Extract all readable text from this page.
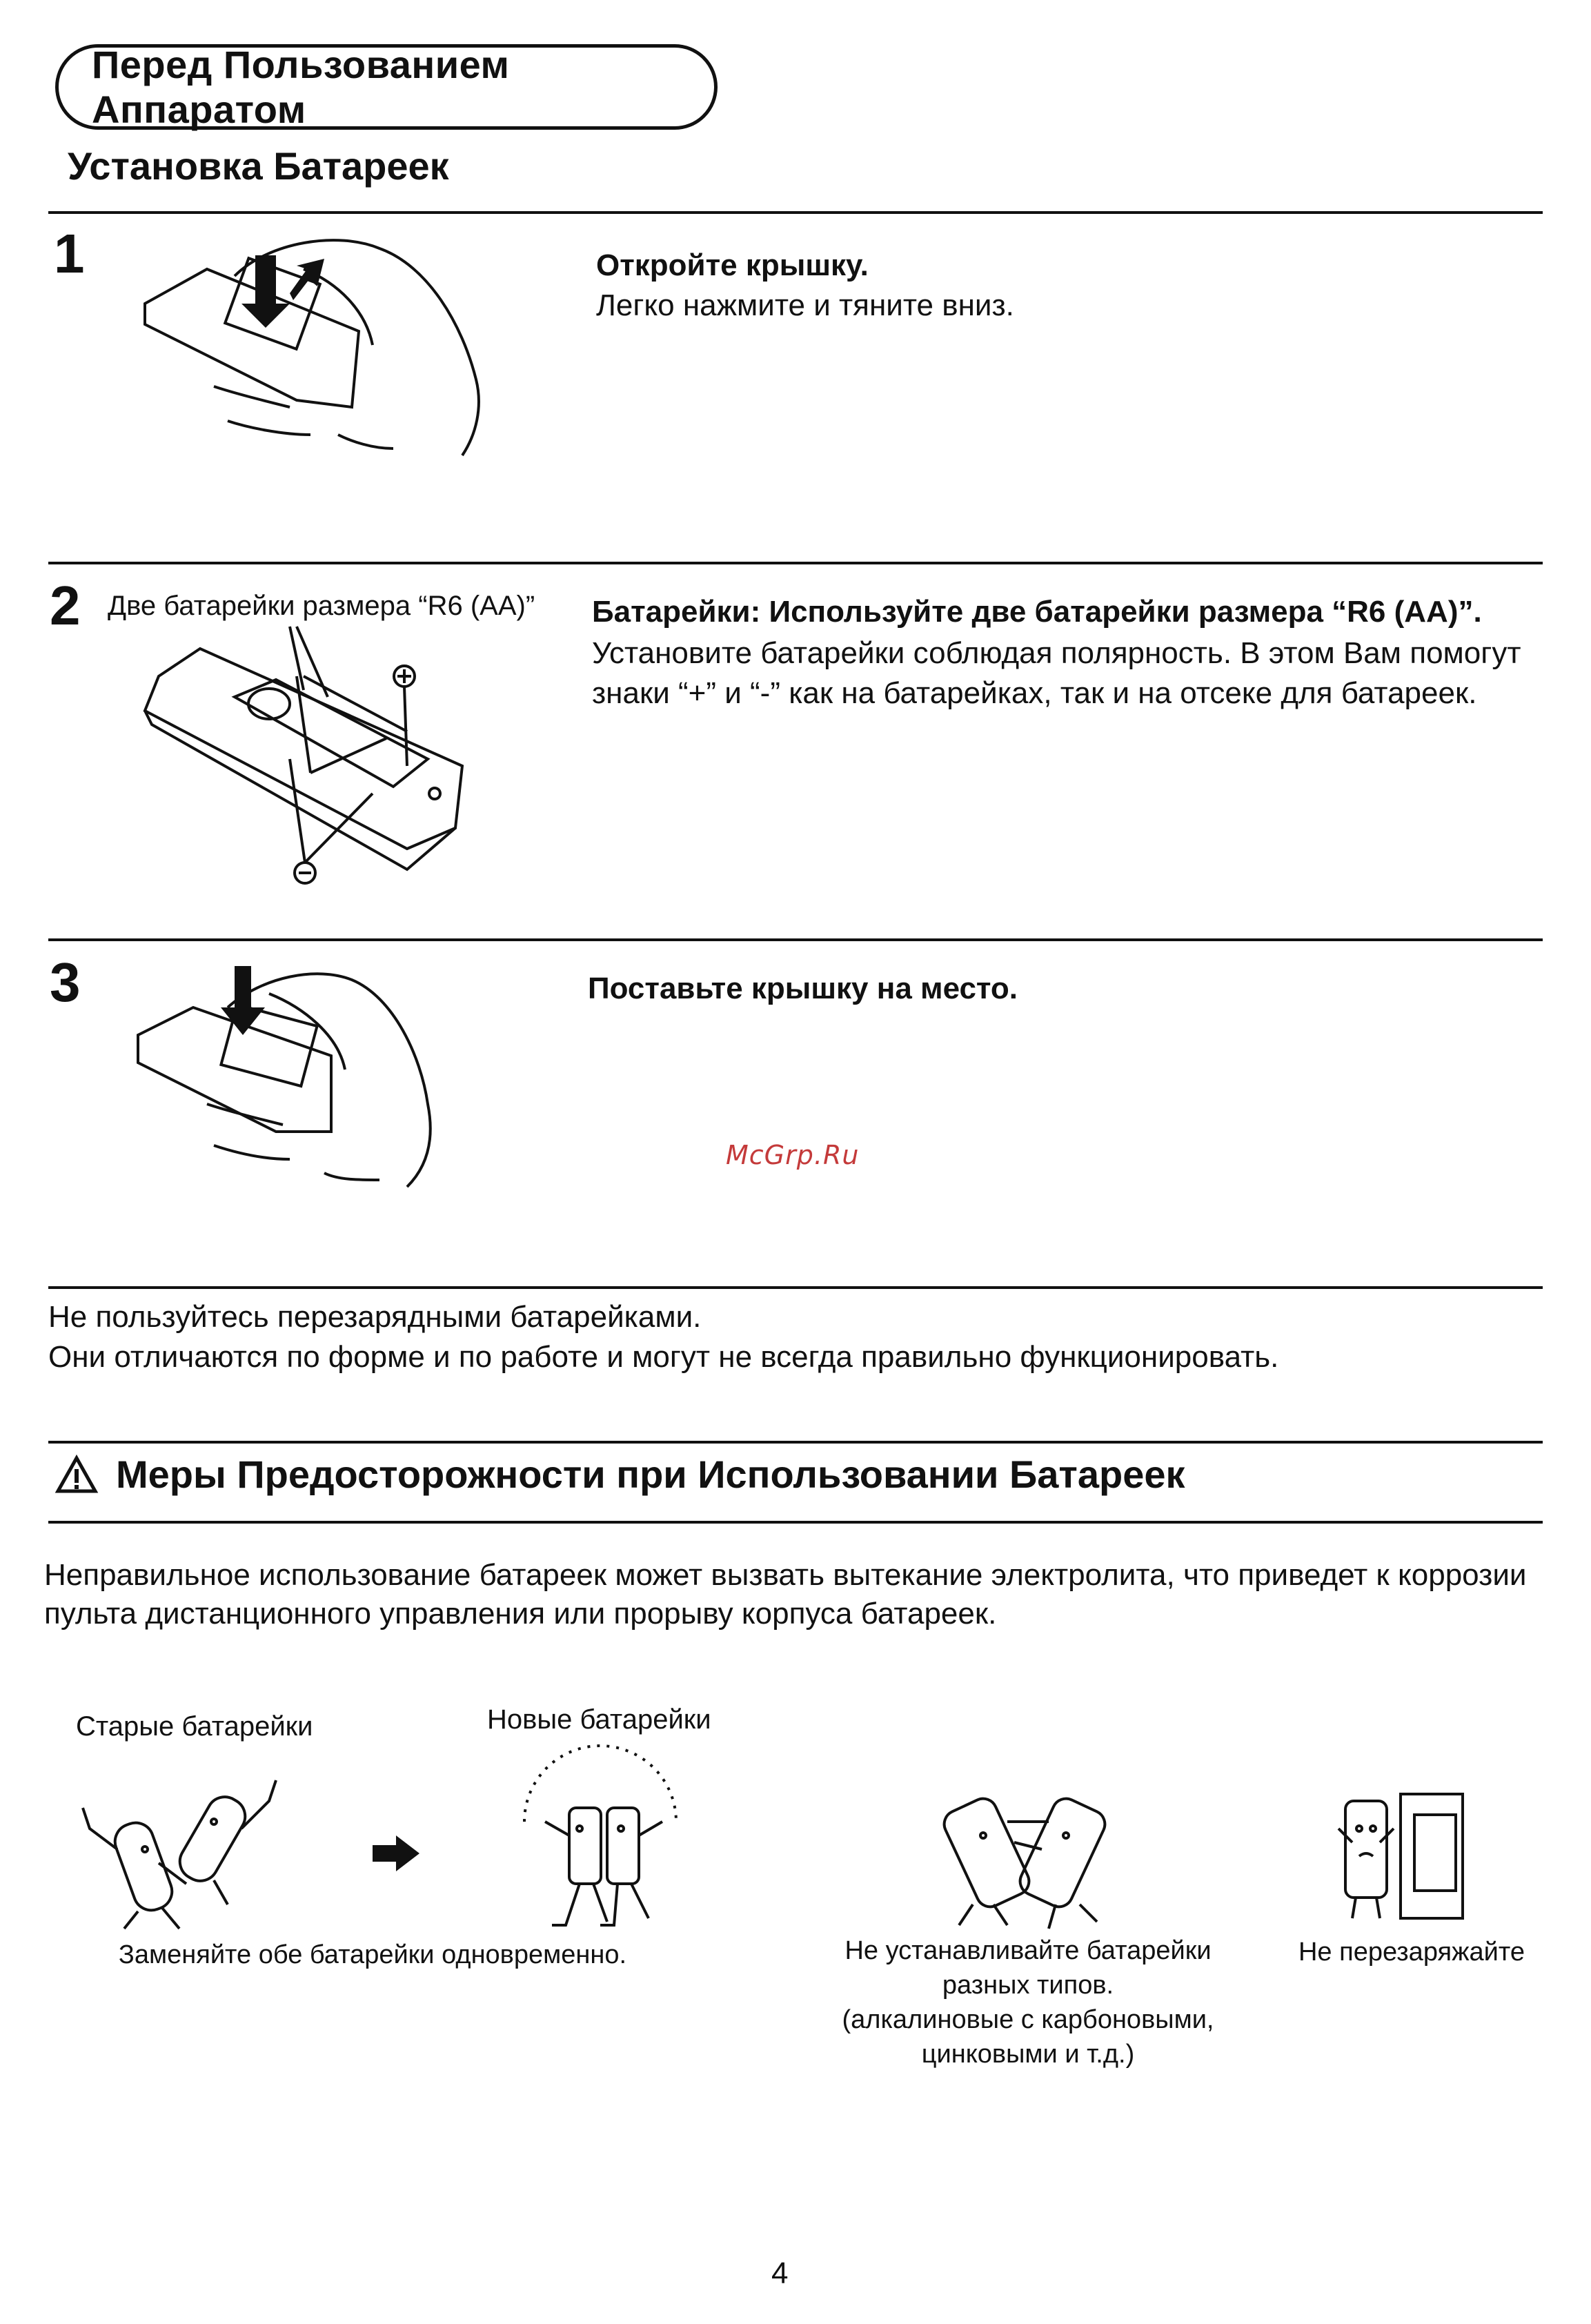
Перед Пользованием Аппаратом
Установка Батареек
1	Откройте крышку.
Легко нажмите и тяните вниз.
2 Две батарейки размера “R6 (AA)” Батарейки: Используйте две батарейки размера “R6 (AA)”.
Установите батарейки соблюдая полярность. В этом Вам помогут
знаки “+” и “-” как на батарейках, так и на отсеке для батареек.
3	Поставьте крышку на место.
McGrp.Ru
Не пользуйтесь перезарядными батарейками.
Они отличаются по форме и по работе и могут не всегда правильно функционировать.
Меры Предосторожности при Использовании Батареек
Неправильное использование батареек может вызвать вытекание электролита, что приведет к коррозии
пульта дистанционного управления или прорыву корпуса батареек.
Старые батарейки	Новые батарейки
Заменяйте обе батарейки одновременно.	Не устанавливайте батарейки
разных типов.
(алкалиновые с карбоновыми,
цинковыми и т.д.)
Не перезаряжайте
4
